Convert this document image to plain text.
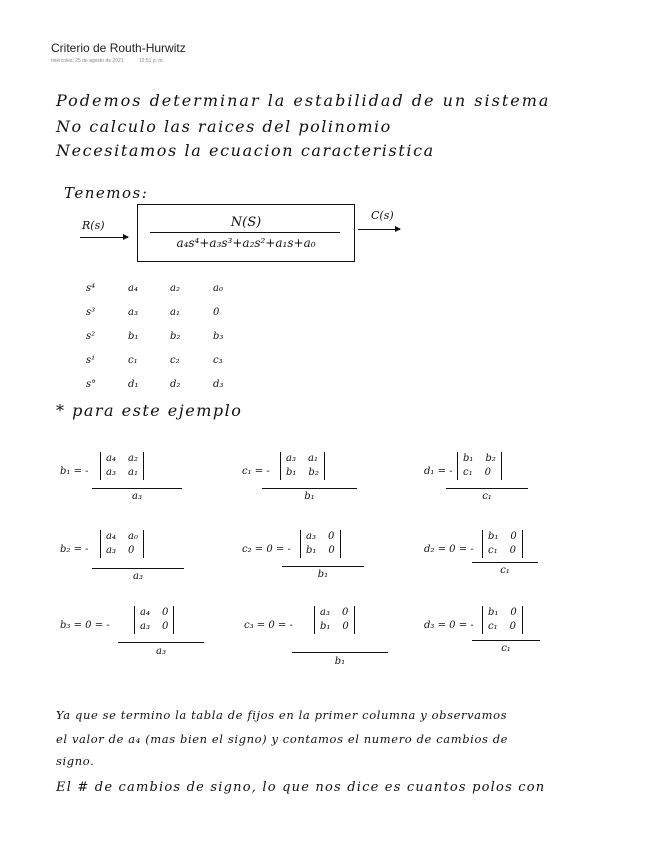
Criterio de Routh-Hurwitz
miércoles, 25 de agosto de 2021	12:51 p. m.
Podemos determinar la estabilidad de un sistema
No calculo las raices del polinomio
Necesitamos la ecuacion caracteristica
Tenemos:
R(s)	N(S)
a₄s⁴+a₃s³+a₂s²+a₁s+a₀
C(s)
s⁴	a₄	a₂	a₀
s³	a₃	a₁	0
s²	b₁	b₂	b₃
s¹	c₁	c₂	c₃
s°	d₁	d₂	d₃
* para este ejemplo
b₁ = -
a₄ a₂
a₃ a₁
a₃
c₁ = -
a₃ a₁
b₁ b₂
b₁
d₁ = -
b₁ b₂
c₁ 0
c₁
b₂ = -
a₄ a₀
a₃ 0
a₃
c₂ = 0 = -
a₃ 0
b₁ 0
b₁
d₂ = 0 = -
b₁ 0
c₁ 0
c₁
b₃ = 0 = -
a₄ 0
a₃ 0
a₃
c₃ = 0 = -
a₃ 0
b₁ 0
b₁
d₃ = 0 = -
b₁ 0
c₁ 0
c₁
Ya que se termino la tabla de fijos en la primer columna y observamos
el valor de a₄ (mas bien el signo) y contamos el numero de cambios de
signo.
El # de cambios de signo, lo que nos dice es cuantos polos con
